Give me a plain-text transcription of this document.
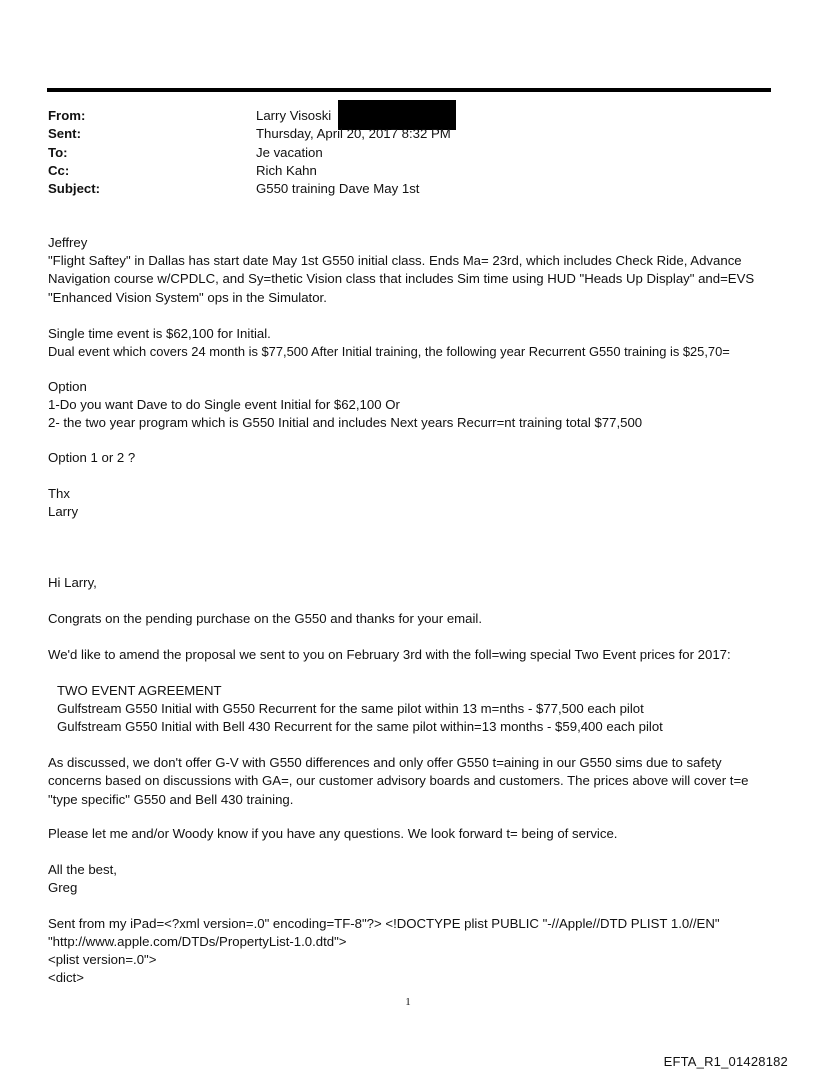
From:	Larry Visoski
Sent:	Thursday, April 20, 2017 8:32 PM
To:	Je vacation
Cc:	Rich Kahn
Subject:	G550 training Dave May 1st
Jeffrey
"Flight Saftey" in Dallas has start date May 1st G550 initial class. Ends Ma= 23rd, which includes Check Ride, Advance Navigation course w/CPDLC, and Sy=thetic Vision class that includes Sim time using HUD "Heads Up Display" and=EVS "Enhanced Vision System" ops in the Simulator.
Single time event is $62,100 for Initial.
Dual event which covers 24 month is $77,500 After Initial training, the following year Recurrent G550 training is $25,70=
Option
1-Do you want Dave to do Single event Initial for $62,100 Or
2- the two year program which is G550 Initial and includes Next years Recurr=nt training total $77,500
Option 1 or 2 ?
Thx
Larry
Hi Larry,
Congrats on the pending purchase on the G550 and thanks for your email.
We'd like to amend the proposal we sent to you on February 3rd with the foll=wing special Two Event prices for 2017:
TWO EVENT AGREEMENT
Gulfstream G550 Initial with G550 Recurrent for the same pilot within 13 m=nths - $77,500 each pilot
Gulfstream G550 Initial with Bell 430 Recurrent for the same pilot within=13 months - $59,400 each pilot
As discussed, we don't offer G-V with G550 differences and only offer G550 t=aining in our G550 sims due to safety concerns based on discussions with GA=, our customer advisory boards and customers. The prices above will cover t=e "type specific" G550 and Bell 430 training.
Please let me and/or Woody know if you have any questions. We look forward t= being of service.
All the best,
Greg
Sent from my iPad=<?xml version=.0" encoding=TF-8"?> <!DOCTYPE plist PUBLIC "-//Apple//DTD PLIST 1.0//EN"
"http://www.apple.com/DTDs/PropertyList-1.0.dtd">
<plist version=.0">
<dict>
1
EFTA_R1_01428182
